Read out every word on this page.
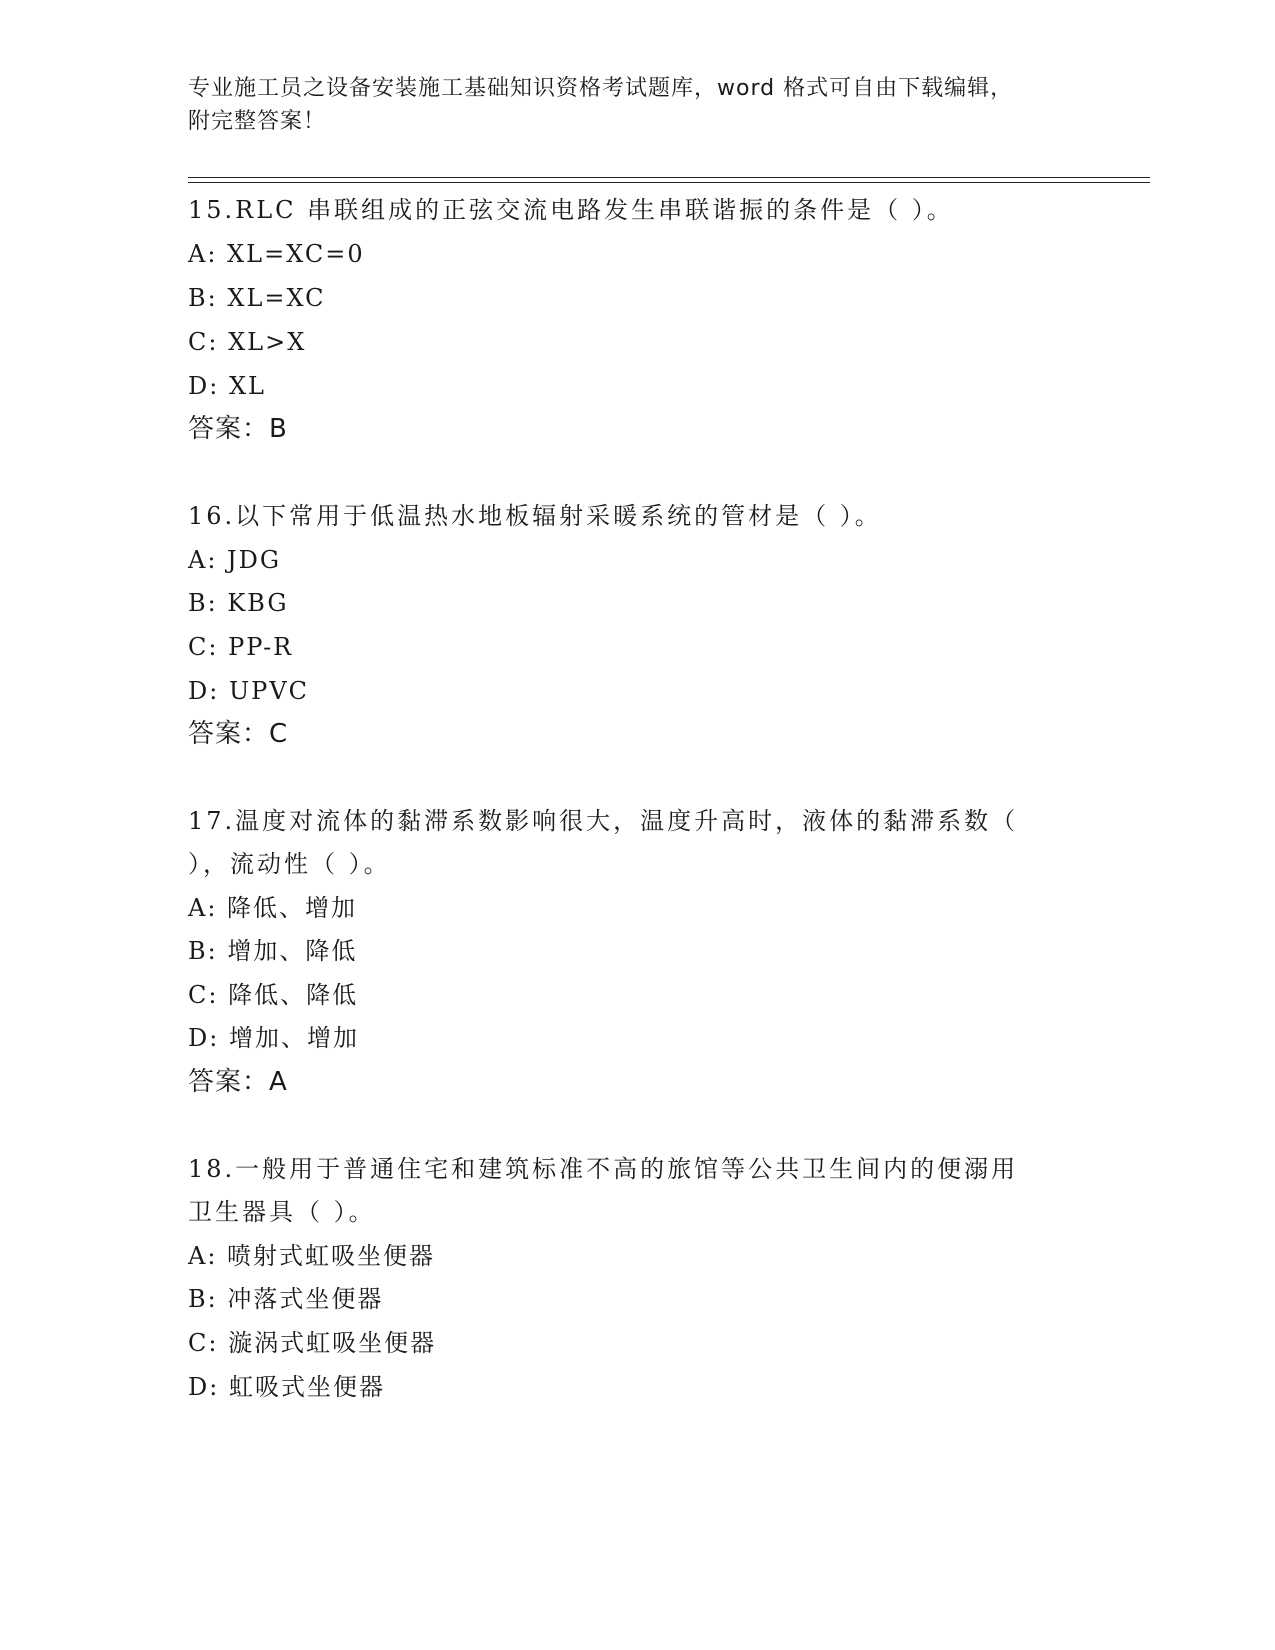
专业施工员之设备安装施工基础知识资格考试题库，word 格式可自由下载编辑，
附完整答案！
15.RLC 串联组成的正弦交流电路发生串联谐振的条件是（ ）。
A: XL=XC=0
B: XL=XC
C: XL>X
D: XL
答案：B
16.以下常用于低温热水地板辐射采暖系统的管材是（ ）。
A: JDG
B: KBG
C: PP-R
D: UPVC
答案：C
17.温度对流体的黏滞系数影响很大，温度升高时，液体的黏滞系数（
），流动性（ ）。
A: 降低、增加
B: 增加、降低
C: 降低、降低
D: 增加、增加
答案：A
18.一般用于普通住宅和建筑标准不高的旅馆等公共卫生间内的便溺用
卫生器具（ ）。
A: 喷射式虹吸坐便器
B: 冲落式坐便器
C: 漩涡式虹吸坐便器
D: 虹吸式坐便器
